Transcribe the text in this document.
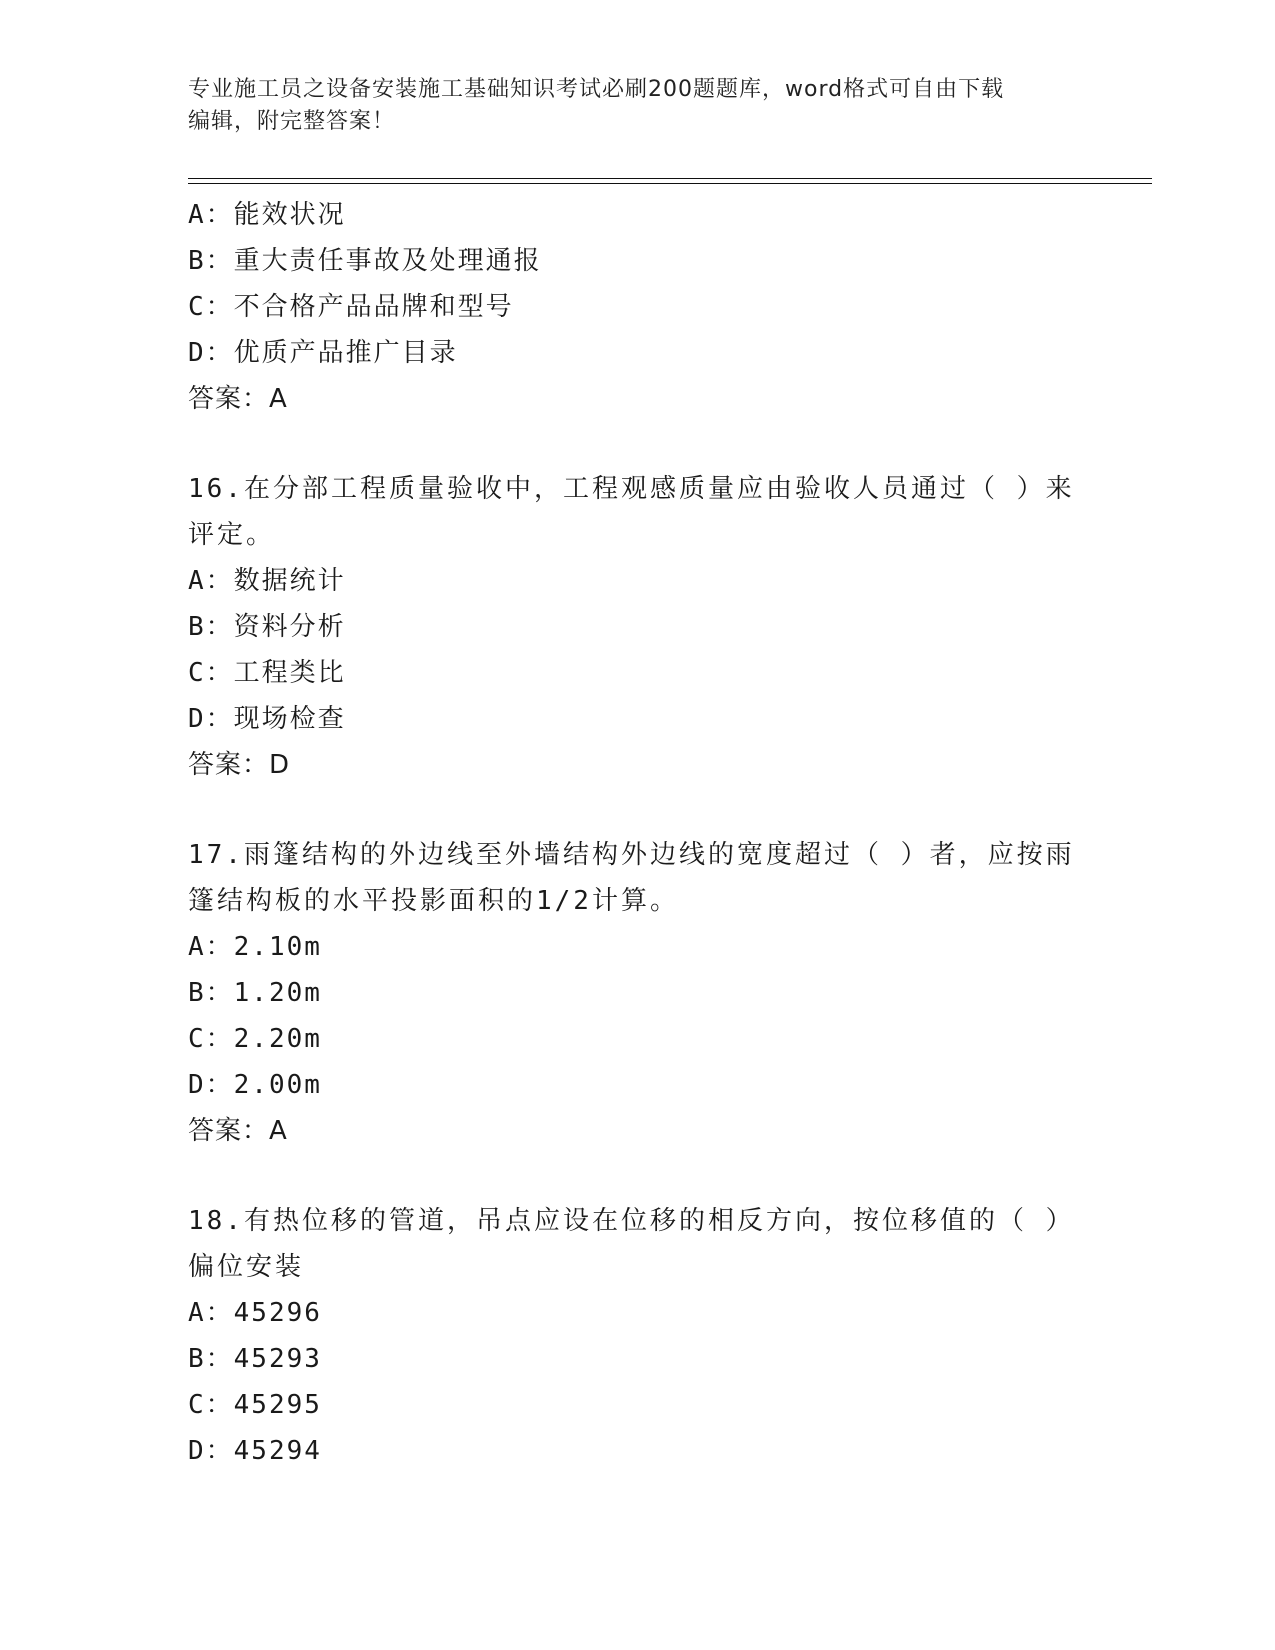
专业施工员之设备安装施工基础知识考试必刷200题题库，word格式可自由下载
编辑，附完整答案！
A：能效状况
B：重大责任事故及处理通报
C：不合格产品品牌和型号
D：优质产品推广目录
答案：A
16.在分部工程质量验收中，工程观感质量应由验收人员通过（ ）来
评定。
A：数据统计
B：资料分析
C：工程类比
D：现场检查
答案：D
17.雨篷结构的外边线至外墙结构外边线的宽度超过（ ）者，应按雨
篷结构板的水平投影面积的1/2计算。
A：2.10m
B：1.20m
C：2.20m
D：2.00m
答案：A
18.有热位移的管道，吊点应设在位移的相反方向，按位移值的（ ）
偏位安装
A：45296
B：45293
C：45295
D：45294
